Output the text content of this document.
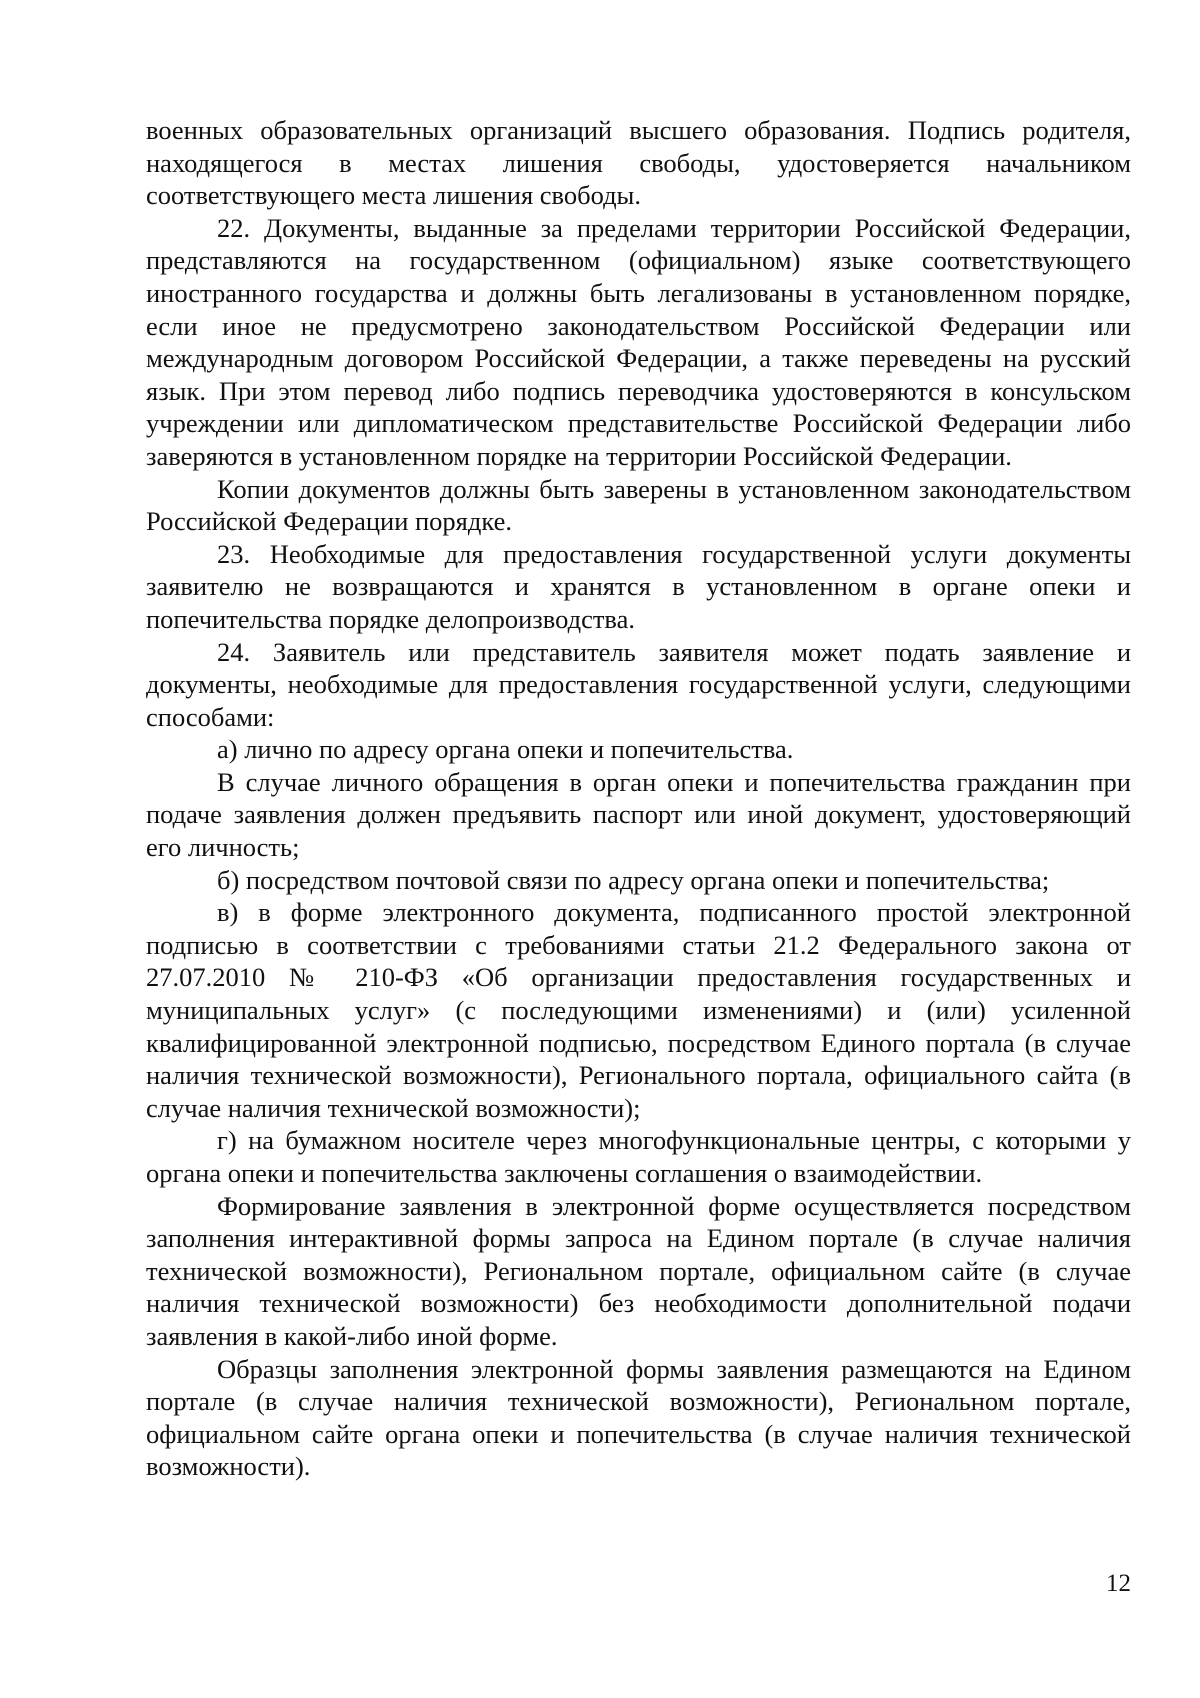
военных образовательных организаций высшего образования. Подпись родителя, находящегося в местах лишения свободы, удостоверяется начальником соответствующего места лишения свободы.

22. Документы, выданные за пределами территории Российской Федерации, представляются на государственном (официальном) языке соответствующего иностранного государства и должны быть легализованы в установленном порядке, если иное не предусмотрено законодательством Российской Федерации или международным договором Российской Федерации, а также переведены на русский язык. При этом перевод либо подпись переводчика удостоверяются в консульском учреждении или дипломатическом представительстве Российской Федерации либо заверяются в установленном порядке на территории Российской Федерации.

Копии документов должны быть заверены в установленном законодательством Российской Федерации порядке.

23. Необходимые для предоставления государственной услуги документы заявителю не возвращаются и хранятся в установленном в органе опеки и попечительства порядке делопроизводства.

24. Заявитель или представитель заявителя может подать заявление и документы, необходимые для предоставления государственной услуги, следующими способами:

а) лично по адресу органа опеки и попечительства.

В случае личного обращения в орган опеки и попечительства гражданин при подаче заявления должен предъявить паспорт или иной документ, удостоверяющий его личность;

б) посредством почтовой связи по адресу органа опеки и попечительства;

в) в форме электронного документа, подписанного простой электронной подписью в соответствии с требованиями статьи 21.2 Федерального закона от 27.07.2010 № 210-ФЗ «Об организации предоставления государственных и муниципальных услуг» (с последующими изменениями) и (или) усиленной квалифицированной электронной подписью, посредством Единого портала (в случае наличия технической возможности), Регионального портала, официального сайта (в случае наличия технической возможности);

г) на бумажном носителе через многофункциональные центры, с которыми у органа опеки и попечительства заключены соглашения о взаимодействии.

Формирование заявления в электронной форме осуществляется посредством заполнения интерактивной формы запроса на Едином портале (в случае наличия технической возможности), Региональном портале, официальном сайте (в случае наличия технической возможности) без необходимости дополнительной подачи заявления в какой-либо иной форме.

Образцы заполнения электронной формы заявления размещаются на Едином портале (в случае наличия технической возможности), Региональном портале, официальном сайте органа опеки и попечительства (в случае наличия технической возможности).

12
